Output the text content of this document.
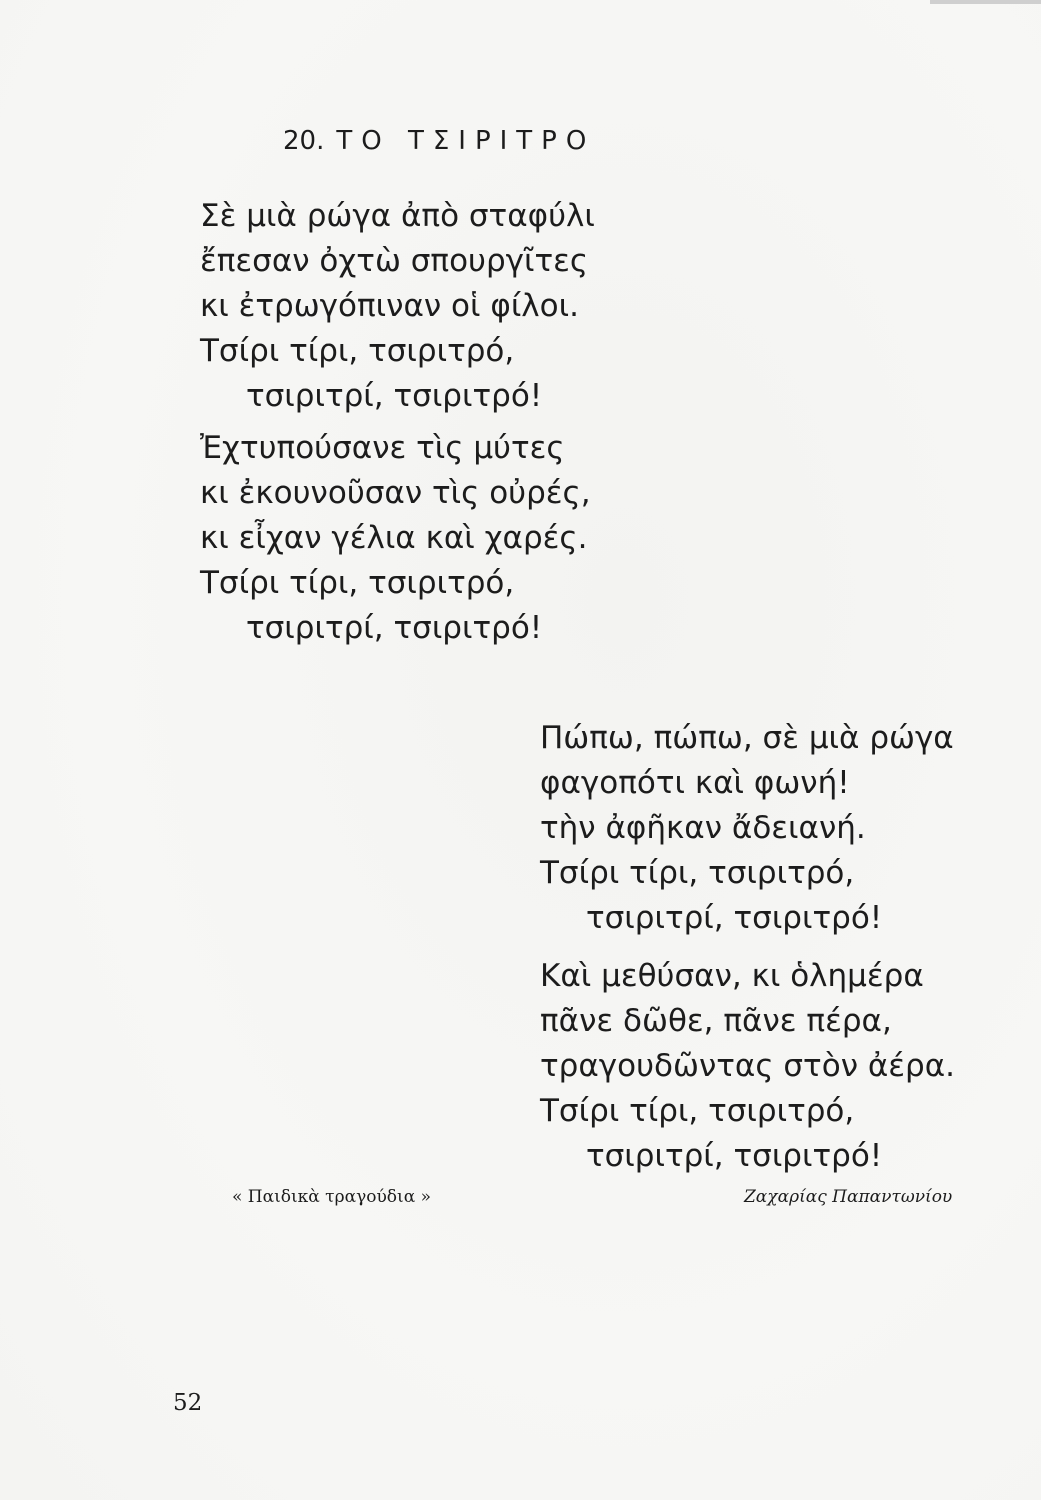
20. ΤΟ ΤΣΙΡΙΤΡΟ
Σὲ μιὰ ρώγα ἀπὸ σταφύλι
ἔπεσαν ὀχτὼ σπουργῖτες
κι ἐτρωγόπιναν οἱ φίλοι.
Τσίρι τίρι, τσιριτρό,
τσιριτρί, τσιριτρό!
Ἐχτυπούσανε τὶς μύτες
κι ἐκουνοῦσαν τὶς οὐρές,
κι εἶχαν γέλια καὶ χαρές.
Τσίρι τίρι, τσιριτρό,
τσιριτρί, τσιριτρό!
Πώπω, πώπω, σὲ μιὰ ρώγα
φαγοπότι καὶ φωνή!
τὴν ἀφῆκαν ἄδειανή.
Τσίρι τίρι, τσιριτρό,
τσιριτρί, τσιριτρό!
Καὶ μεθύσαν, κι ὁλημέρα
πᾶνε δῶθε, πᾶνε πέρα,
τραγουδῶντας στὸν ἀέρα.
Τσίρι τίρι, τσιριτρό,
τσιριτρί, τσιριτρό!
« Παιδικὰ τραγούδια »	Ζαχαρίας Παπαντωνίου
52
